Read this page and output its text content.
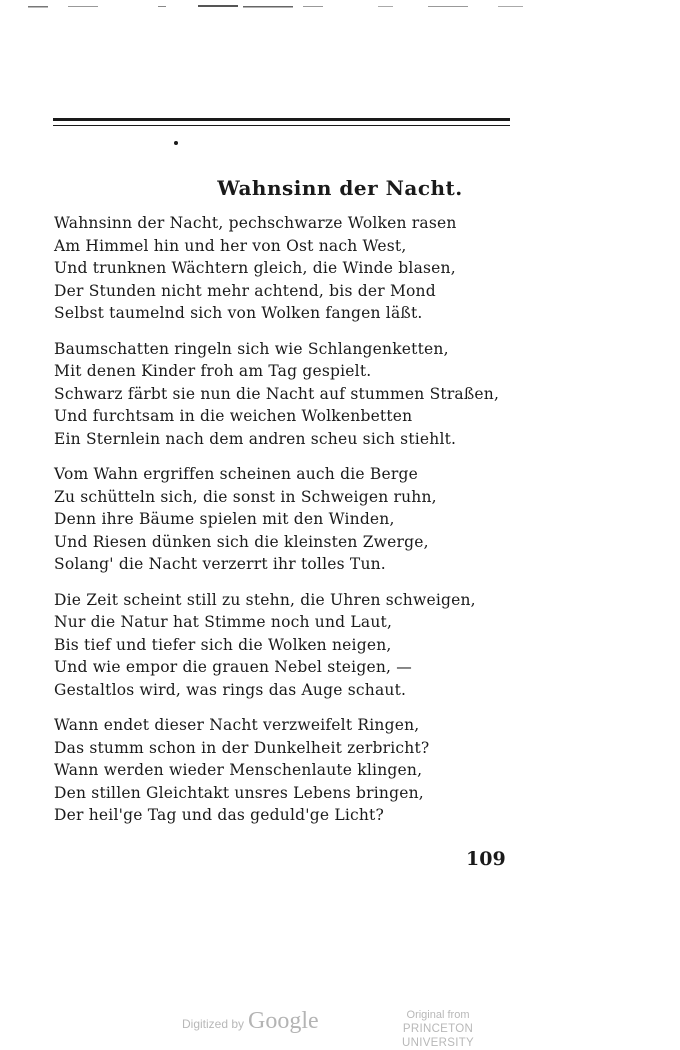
Wahnsinn der Nacht.
Wahnsinn der Nacht, pechschwarze Wolken rasen
Am Himmel hin und her von Ost nach West,
Und trunknen Wächtern gleich, die Winde blasen,
Der Stunden nicht mehr achtend, bis der Mond
Selbst taumelnd sich von Wolken fangen läßt.
Baumschatten ringeln sich wie Schlangenketten,
Mit denen Kinder froh am Tag gespielt.
Schwarz färbt sie nun die Nacht auf stummen Straßen,
Und furchtsam in die weichen Wolkenbetten
Ein Sternlein nach dem andren scheu sich stiehlt.
Vom Wahn ergriffen scheinen auch die Berge
Zu schütteln sich, die sonst in Schweigen ruhn,
Denn ihre Bäume spielen mit den Winden,
Und Riesen dünken sich die kleinsten Zwerge,
Solang' die Nacht verzerrt ihr tolles Tun.
Die Zeit scheint still zu stehn, die Uhren schweigen,
Nur die Natur hat Stimme noch und Laut,
Bis tief und tiefer sich die Wolken neigen,
Und wie empor die grauen Nebel steigen, —
Gestaltlos wird, was rings das Auge schaut.
Wann endet dieser Nacht verzweifelt Ringen,
Das stumm schon in der Dunkelheit zerbricht?
Wann werden wieder Menschenlaute klingen,
Den stillen Gleichtakt unsres Lebens bringen,
Der heil'ge Tag und das geduld'ge Licht?
109
Digitized by Google	Original from
PRINCETON UNIVERSITY
